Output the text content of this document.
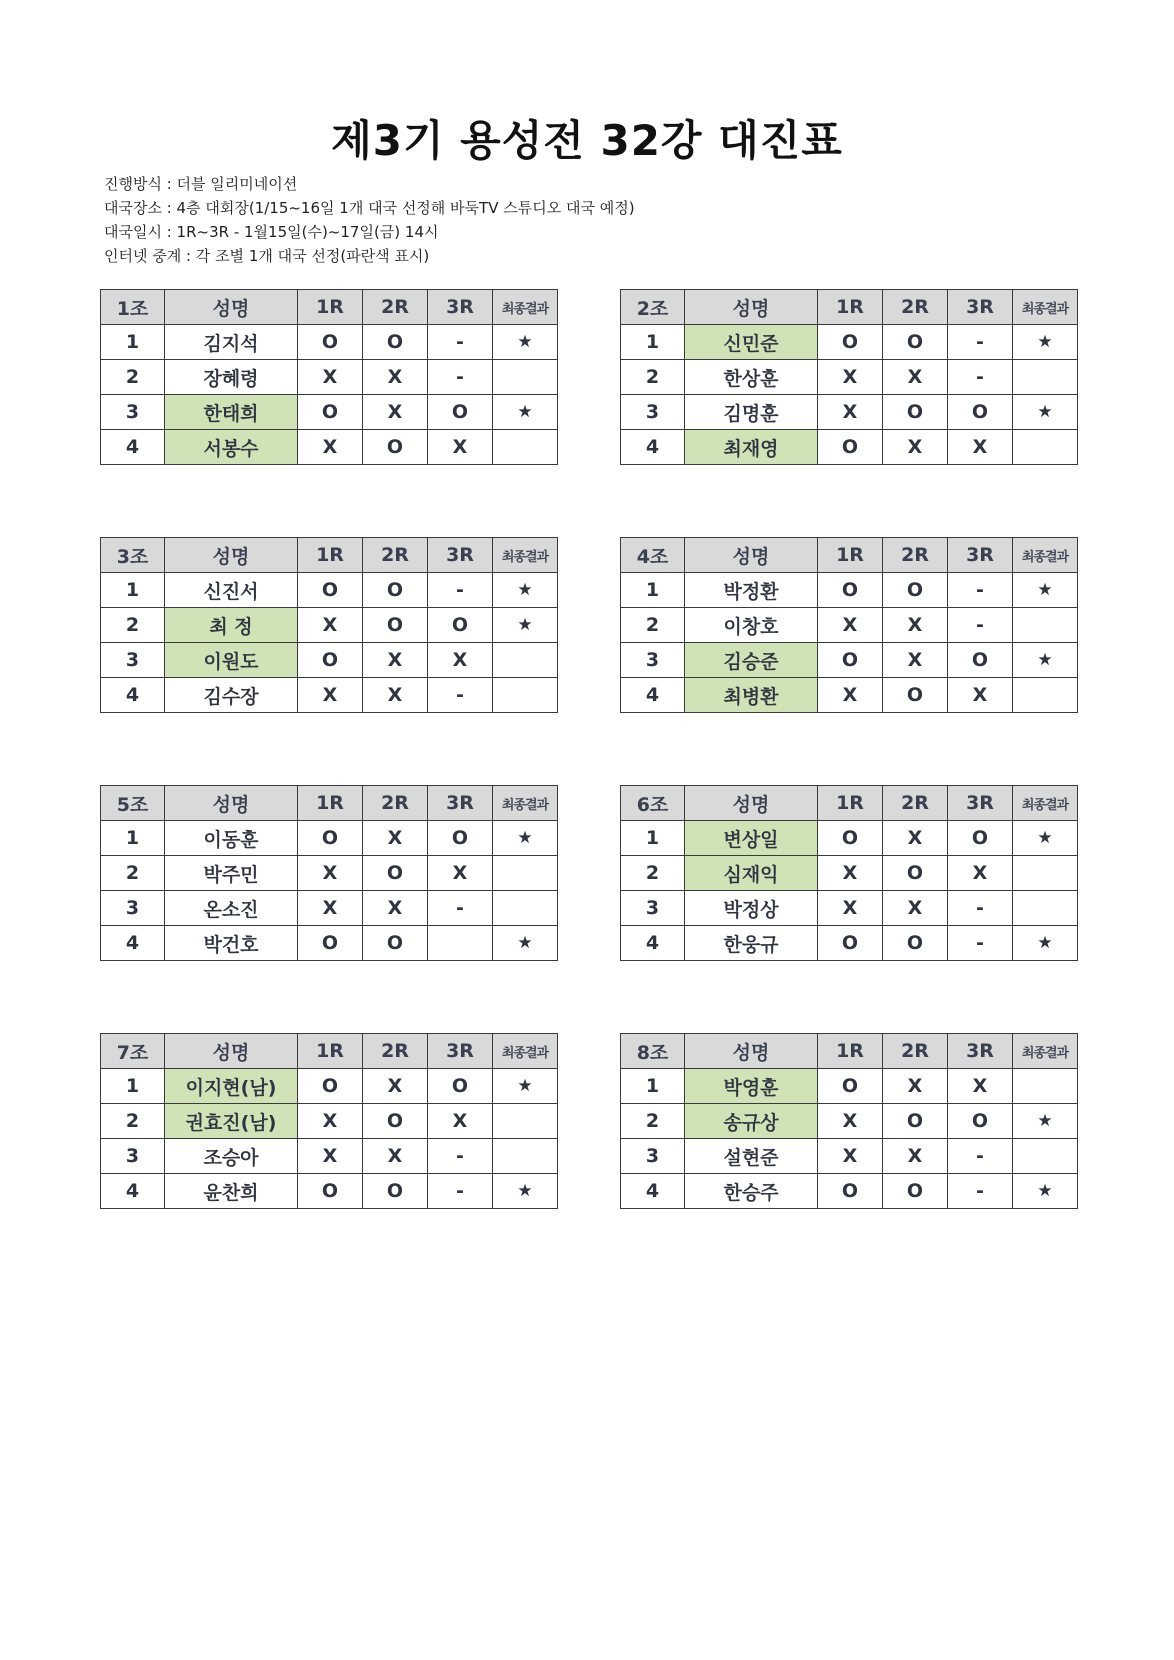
제3기 용성전 32강 대진표
진행방식 : 더블 일리미네이션
대국장소 : 4층 대회장(1/15~16일 1개 대국 선정해 바둑TV 스튜디오 대국 예정)
대국일시 : 1R~3R - 1월15일(수)~17일(금) 14시
인터넷 중계 : 각 조별 1개 대국 선정(파란색 표시)
1조	성명	1R	2R	3R	최종결과
1	김지석	O	O	-	★
2	장혜령	X	X	-	
3	한태희	O	X	O	★
4	서봉수	X	O	X	
2조	성명	1R	2R	3R	최종결과
1	신민준	O	O	-	★
2	한상훈	X	X	-	
3	김명훈	X	O	O	★
4	최재영	O	X	X	
3조	성명	1R	2R	3R	최종결과
1	신진서	O	O	-	★
2	최 정	X	O	O	★
3	이원도	O	X	X	
4	김수장	X	X	-	
4조	성명	1R	2R	3R	최종결과
1	박정환	O	O	-	★
2	이창호	X	X	-	
3	김승준	O	X	O	★
4	최병환	X	O	X	
5조	성명	1R	2R	3R	최종결과
1	이동훈	O	X	O	★
2	박주민	X	O	X	
3	온소진	X	X	-	
4	박건호	O	O		★
6조	성명	1R	2R	3R	최종결과
1	변상일	O	X	O	★
2	심재익	X	O	X	
3	박정상	X	X	-	
4	한웅규	O	O	-	★
7조	성명	1R	2R	3R	최종결과
1	이지현(남)	O	X	O	★
2	권효진(남)	X	O	X	
3	조승아	X	X	-	
4	윤찬희	O	O	-	★
8조	성명	1R	2R	3R	최종결과
1	박영훈	O	X	X	
2	송규상	X	O	O	★
3	설현준	X	X	-	
4	한승주	O	O	-	★
